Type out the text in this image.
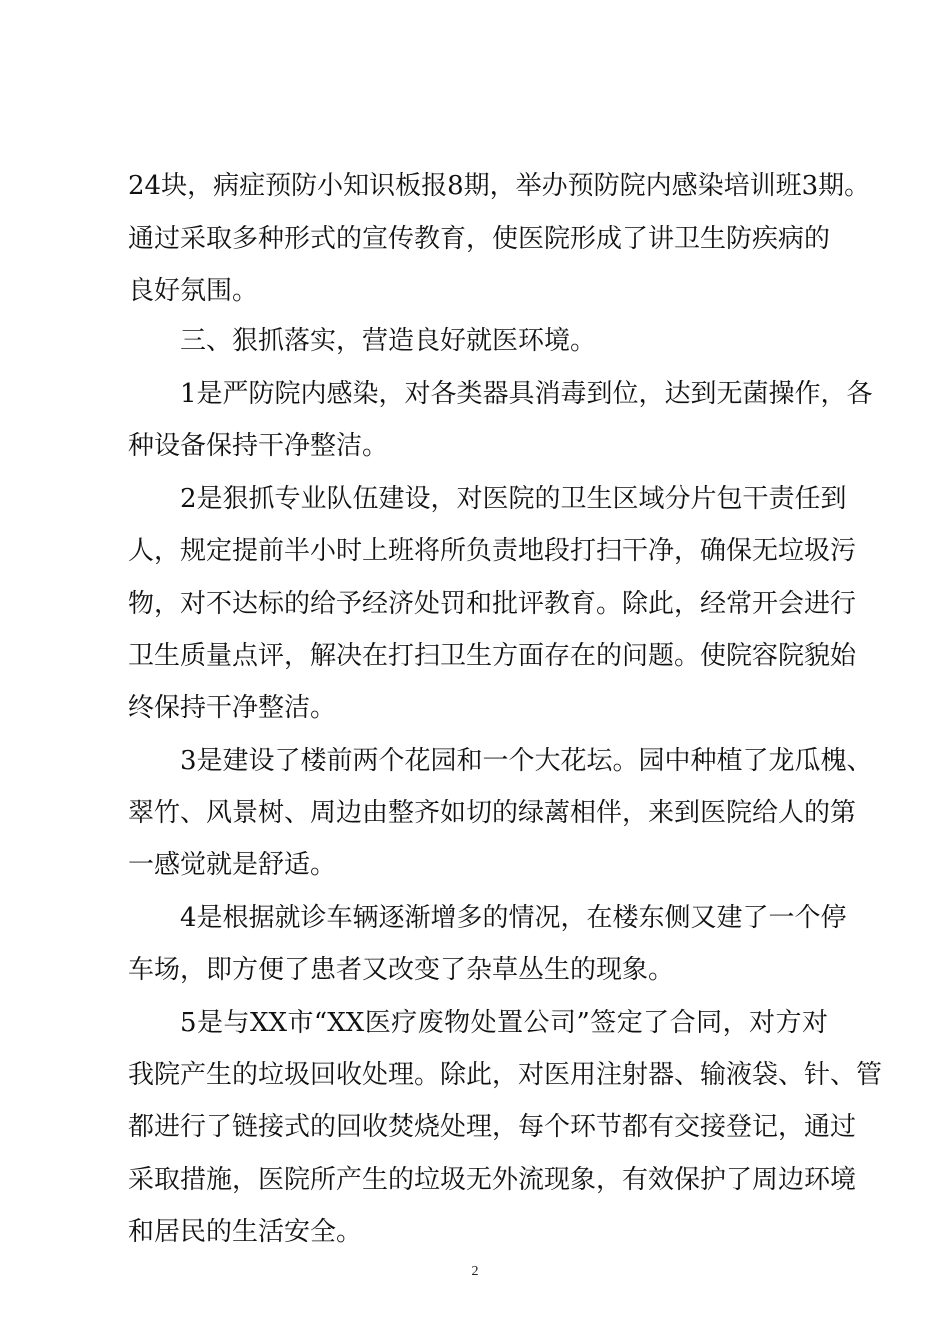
24块，病症预防小知识板报8期，举办预防院内感染培训班3期。

通过采取多种形式的宣传教育，使医院形成了讲卫生防疾病的

良好氛围。

三、狠抓落实，营造良好就医环境。

1是严防院内感染，对各类器具消毒到位，达到无菌操作，各

种设备保持干净整洁。

2是狠抓专业队伍建设，对医院的卫生区域分片包干责任到

人，规定提前半小时上班将所负责地段打扫干净，确保无垃圾污

物，对不达标的给予经济处罚和批评教育。除此，经常开会进行

卫生质量点评，解决在打扫卫生方面存在的问题。使院容院貌始

终保持干净整洁。

3是建设了楼前两个花园和一个大花坛。园中种植了龙瓜槐、

翠竹、风景树、周边由整齐如切的绿蓠相伴，来到医院给人的第

一感觉就是舒适。

4是根据就诊车辆逐渐增多的情况，在楼东侧又建了一个停

车场，即方便了患者又改变了杂草丛生的现象。

5是与XX市“XX医疗废物处置公司”签定了合同，对方对

我院产生的垃圾回收处理。除此，对医用注射器、输液袋、针、管

都进行了链接式的回收焚烧处理，每个环节都有交接登记，通过

采取措施，医院所产生的垃圾无外流现象，有效保护了周边环境

和居民的生活安全。

2
